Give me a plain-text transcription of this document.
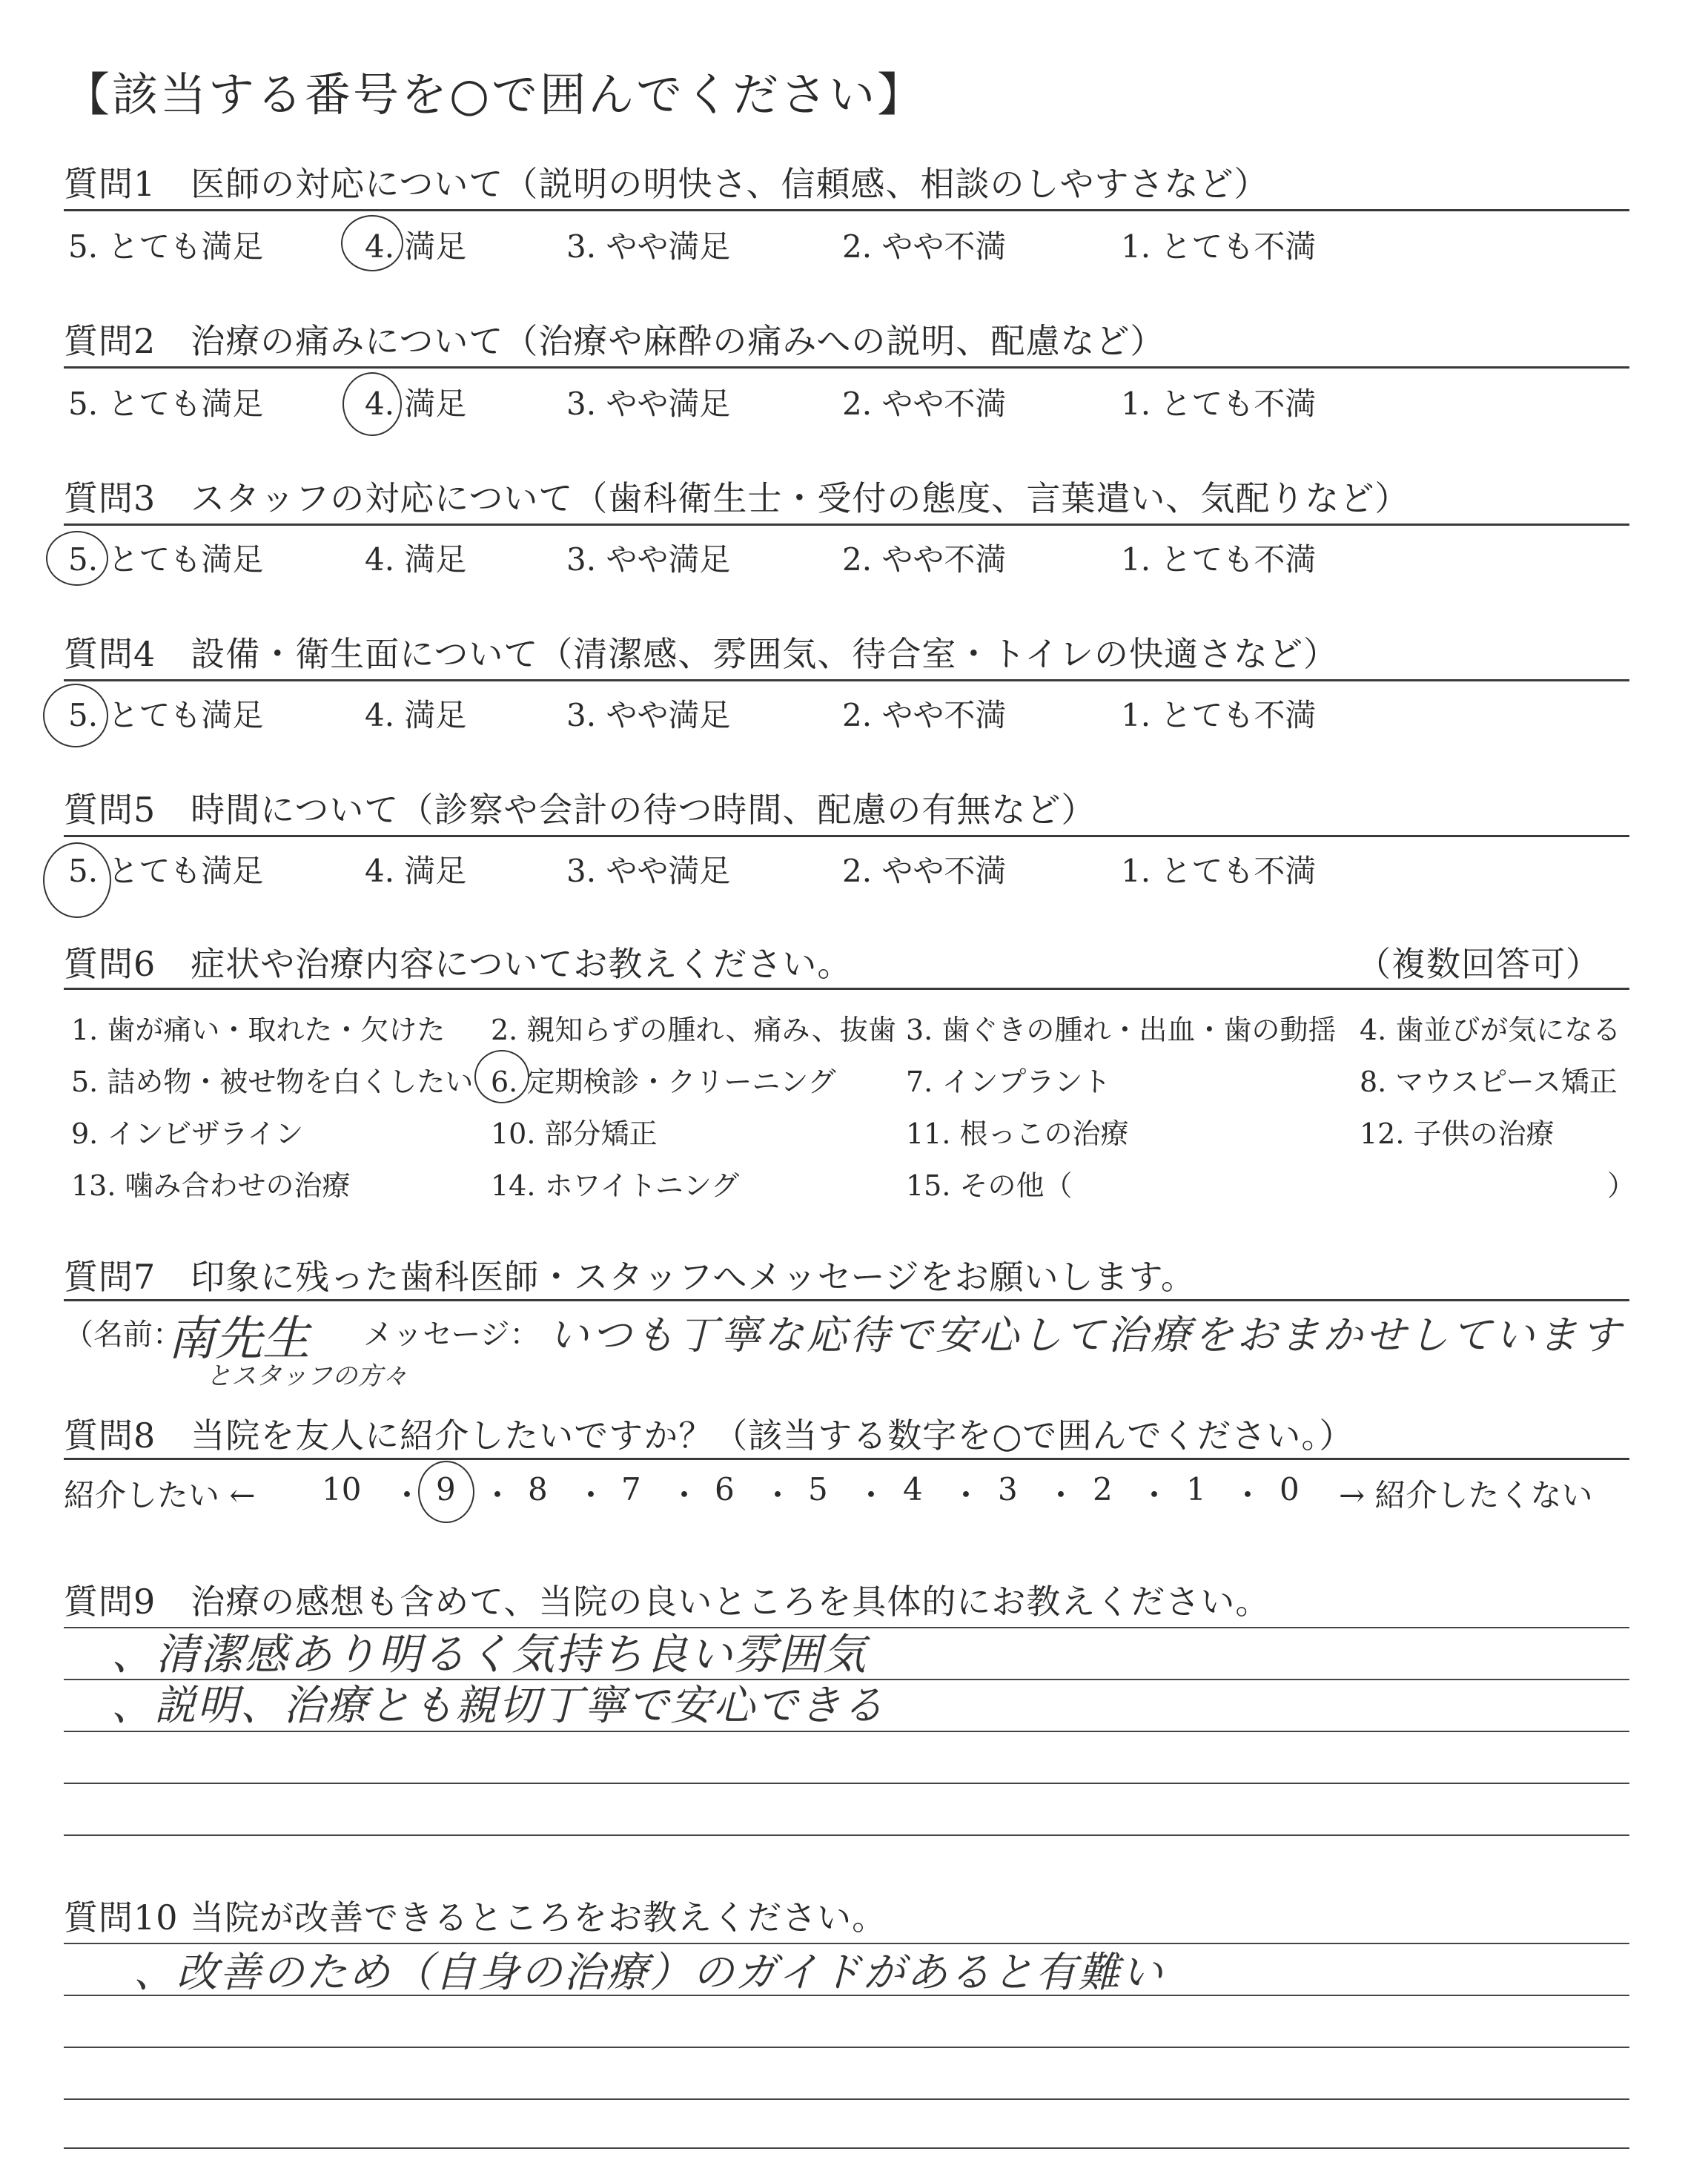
【該当する番号を○で囲んでください】
質問1　医師の対応について（説明の明快さ、信頼感、相談のしやすさなど）
5. とても満足	4. 満足	3. やや満足	2. やや不満	1. とても不満
質問2　治療の痛みについて（治療や麻酔の痛みへの説明、配慮など）
5. とても満足	4. 満足	3. やや満足	2. やや不満	1. とても不満
質問3　スタッフの対応について（歯科衛生士・受付の態度、言葉遣い、気配りなど）
5. とても満足	4. 満足	3. やや満足	2. やや不満	1. とても不満
質問4　設備・衛生面について（清潔感、雰囲気、待合室・トイレの快適さなど）
5. とても満足	4. 満足	3. やや満足	2. やや不満	1. とても不満
質問5　時間について（診察や会計の待つ時間、配慮の有無など）
5. とても満足	4. 満足	3. やや満足	2. やや不満	1. とても不満
質問6　症状や治療内容についてお教えください。	（複数回答可）
1. 歯が痛い・取れた・欠けた 2. 親知らずの腫れ、痛み、抜歯 3. 歯ぐきの腫れ・出血・歯の動揺 4. 歯並びが気になる
5. 詰め物・被せ物を白くしたい 6. 定期検診・クリーニング 7. インプラント	8. マウスピース矯正
9. インビザライン	10. 部分矯正	11. 根っこの治療	12. 子供の治療
13. 噛み合わせの治療	14. ホワイトニング	15. その他（	）
質問7　印象に残った歯科医師・スタッフへメッセージをお願いします。
（名前：
南先生
とスタッフの方々
メッセージ： いつも丁寧な応待で安心して治療をおまかせしています
質問8　当院を友人に紹介したいですか？（該当する数字を○で囲んでください。）
紹介したい ← 10 ・ 9 ・ 8 ・ 7 ・ 6 ・ 5 ・ 4 ・ 3 ・ 2 ・ 1 ・ 0 → 紹介したくない
質問9　治療の感想も含めて、当院の良いところを具体的にお教えください。
、清潔感あり明るく気持ち良い雰囲気
、説明、治療とも親切丁寧で安心できる
質問10 当院が改善できるところをお教えください。
、改善のため（自身の治療）のガイドがあると有難い
